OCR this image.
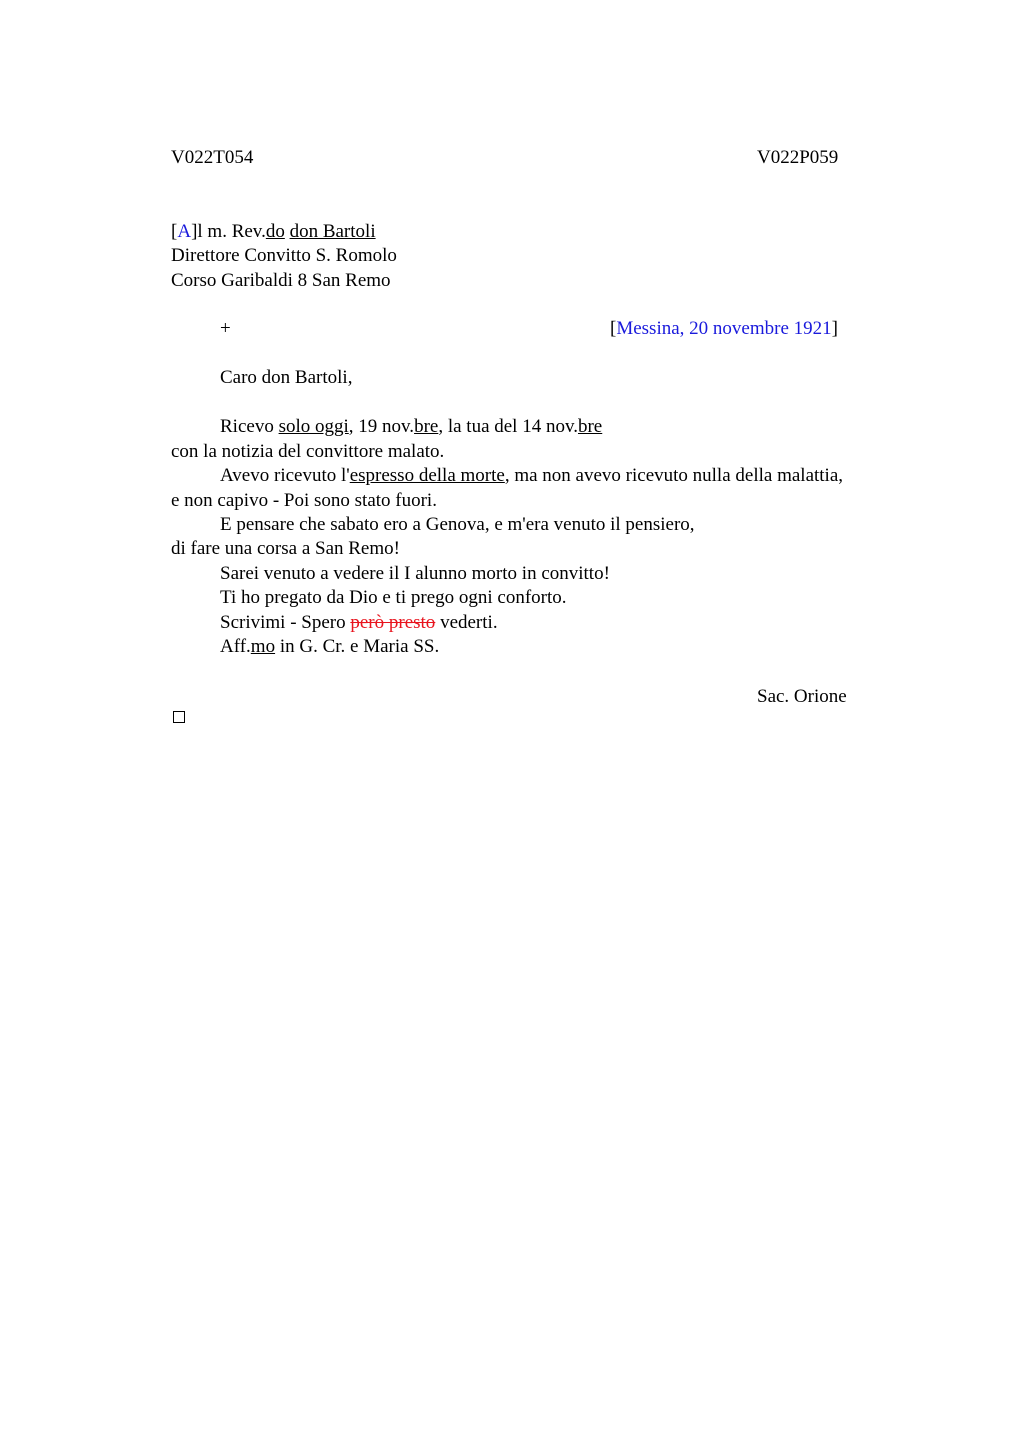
V022T054	V022P059
[A]l m. Rev.do don Bartoli
Direttore Convitto S. Romolo
Corso Garibaldi 8 San Remo
+	[Messina, 20 novembre 1921]
Caro don Bartoli,
Ricevo solo oggi, 19 nov.bre, la tua del 14 nov.bre
con la notizia del convittore malato.
Avevo ricevuto l'espresso della morte, ma non avevo ricevuto nulla della malattia,
e non capivo - Poi sono stato fuori.
E pensare che sabato ero a Genova, e m'era venuto il pensiero,
di fare una corsa a San Remo!
Sarei venuto a vedere il I alunno morto in convitto!
Ti ho pregato da Dio e ti prego ogni conforto.
Scrivimi - Spero però presto vederti.
Aff.mo in G. Cr. e Maria SS.
Sac. Orione
